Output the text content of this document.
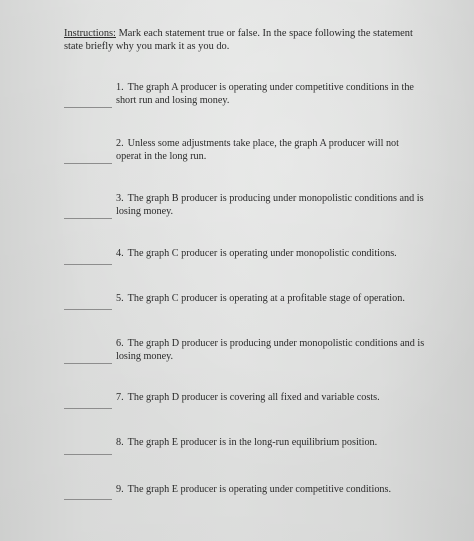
Instructions: Mark each statement true or false. In the space following the statement state briefly why you mark it as you do.
1. The graph A producer is operating under competitive conditions in the short run and losing money.
2. Unless some adjustments take place, the graph A producer will not operat in the long run.
3. The graph B producer is producing under monopolistic conditions and is losing money.
4. The graph C producer is operating under monopolistic conditions.
5. The graph C producer is operating at a profitable stage of operation.
6. The graph D producer is producing under monopolistic conditions and is losing money.
7. The graph D producer is covering all fixed and variable costs.
8. The graph E producer is in the long-run equilibrium position.
9. The graph E producer is operating under competitive conditions.
